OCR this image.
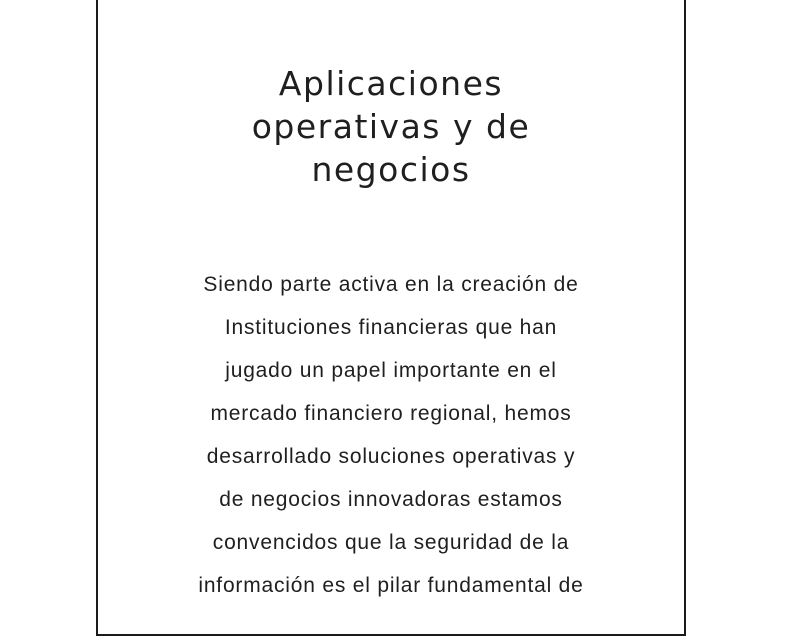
Aplicaciones
operativas y de
negocios

Siendo parte activa en la creación de
Instituciones financieras que han
jugado un papel importante en el
mercado financiero regional, hemos
desarrollado soluciones operativas y
de negocios innovadoras estamos
convencidos que la seguridad de la
información es el pilar fundamental de
